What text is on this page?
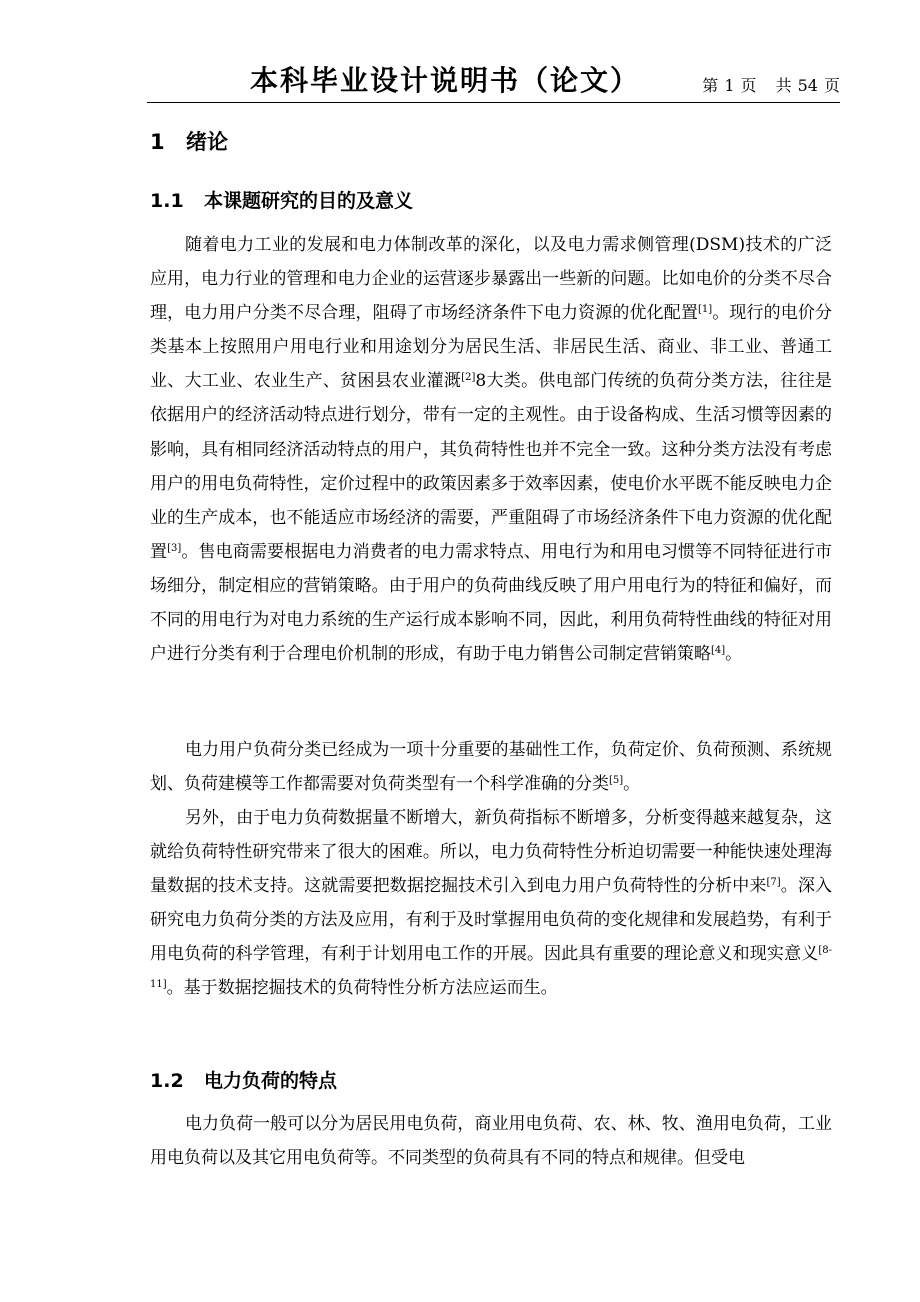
本科毕业设计说明书（论文）	第 1 页 共 54 页
1 绪论
1.1 本课题研究的目的及意义

随着电力工业的发展和电力体制改革的深化，以及电力需求侧管理(DSM)技术的广泛应用，电力行业的管理和电力企业的运营逐步暴露出一些新的问题。比如电价的分类不尽合理，电力用户分类不尽合理，阻碍了市场经济条件下电力资源的优化配置[1]。现行的电价分类基本上按照用户用电行业和用途划分为居民生活、非居民生活、商业、非工业、普通工业、大工业、农业生产、贫困县农业灌溉[2]8大类。供电部门传统的负荷分类方法，往往是依据用户的经济活动特点进行划分，带有一定的主观性。由于设备构成、生活习惯等因素的影响，具有相同经济活动特点的用户，其负荷特性也并不完全一致。这种分类方法没有考虑用户的用电负荷特性，定价过程中的政策因素多于效率因素，使电价水平既不能反映电力企业的生产成本，也不能适应市场经济的需要，严重阻碍了市场经济条件下电力资源的优化配置[3]。售电商需要根据电力消费者的电力需求特点、用电行为和用电习惯等不同特征进行市场细分，制定相应的营销策略。由于用户的负荷曲线反映了用户用电行为的特征和偏好，而不同的用电行为对电力系统的生产运行成本影响不同，因此，利用负荷特性曲线的特征对用户进行分类有利于合理电价机制的形成，有助于电力销售公司制定营销策略[4]。

电力用户负荷分类已经成为一项十分重要的基础性工作，负荷定价、负荷预测、系统规划、负荷建模等工作都需要对负荷类型有一个科学准确的分类[5]。

另外，由于电力负荷数据量不断增大，新负荷指标不断增多，分析变得越来越复杂，这就给负荷特性研究带来了很大的困难。所以，电力负荷特性分析迫切需要一种能快速处理海量数据的技术支持。这就需要把数据挖掘技术引入到电力用户负荷特性的分析中来[7]。深入研究电力负荷分类的方法及应用，有利于及时掌握用电负荷的变化规律和发展趋势，有利于用电负荷的科学管理，有利于计划用电工作的开展。因此具有重要的理论意义和现实意义[8-11]。基于数据挖掘技术的负荷特性分析方法应运而生。

1.2 电力负荷的特点

电力负荷一般可以分为居民用电负荷，商业用电负荷、农、林、牧、渔用电负荷，工业用电负荷以及其它用电负荷等。不同类型的负荷具有不同的特点和规律。但受电
